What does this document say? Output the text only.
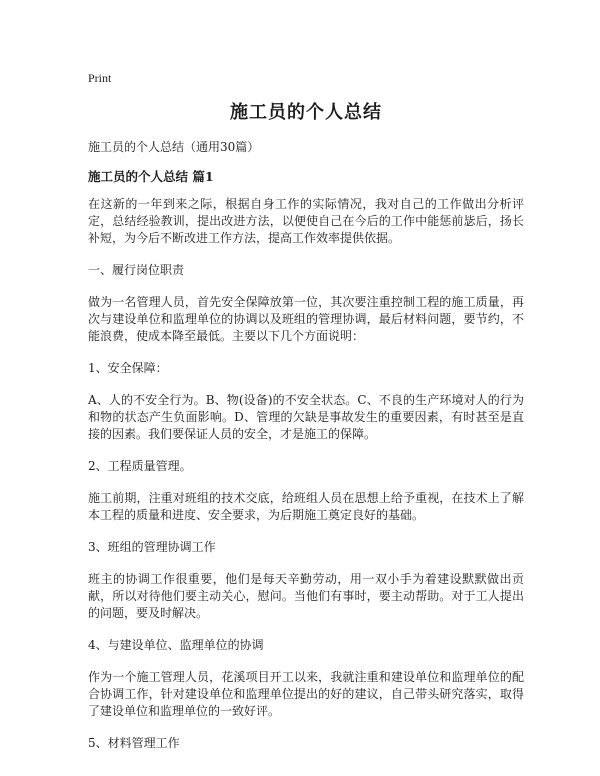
Print
施工员的个人总结
施工员的个人总结（通用30篇）
施工员的个人总结 篇1
在这新的一年到来之际，根据自身工作的实际情况，我对自己的工作做出分析评定，总结经验教训，提出改进方法，以便使自己在今后的工作中能惩前毖后，扬长补短，为今后不断改进工作方法，提高工作效率提供依据。
一、履行岗位职责
做为一名管理人员，首先安全保障放第一位，其次要注重控制工程的施工质量，再次与建设单位和监理单位的协调以及班组的管理协调，最后材料问题，要节约，不能浪费，使成本降至最低。主要以下几个方面说明：
1、安全保障：
A、人的不安全行为。B、物(设备)的不安全状态。C、不良的生产环境对人的行为和物的状态产生负面影响。D、管理的欠缺是事故发生的重要因素，有时甚至是直接的因素。我们要保证人员的安全，才是施工的保障。
2、工程质量管理。
施工前期，注重对班组的技术交底，给班组人员在思想上给予重视，在技术上了解本工程的质量和进度、安全要求，为后期施工奠定良好的基础。
3、班组的管理协调工作
班主的协调工作很重要，他们是每天辛勤劳动，用一双小手为着建设默默做出贡献，所以对待他们要主动关心，慰问。当他们有事时，要主动帮助。对于工人提出的问题，要及时解决。
4、与建设单位、监理单位的协调
作为一个施工管理人员，花溪项目开工以来，我就注重和建设单位和监理单位的配合协调工作，针对建设单位和监理单位提出的好的建议，自己带头研究落实，取得了建设单位和监理单位的一致好评。
5、材料管理工作
